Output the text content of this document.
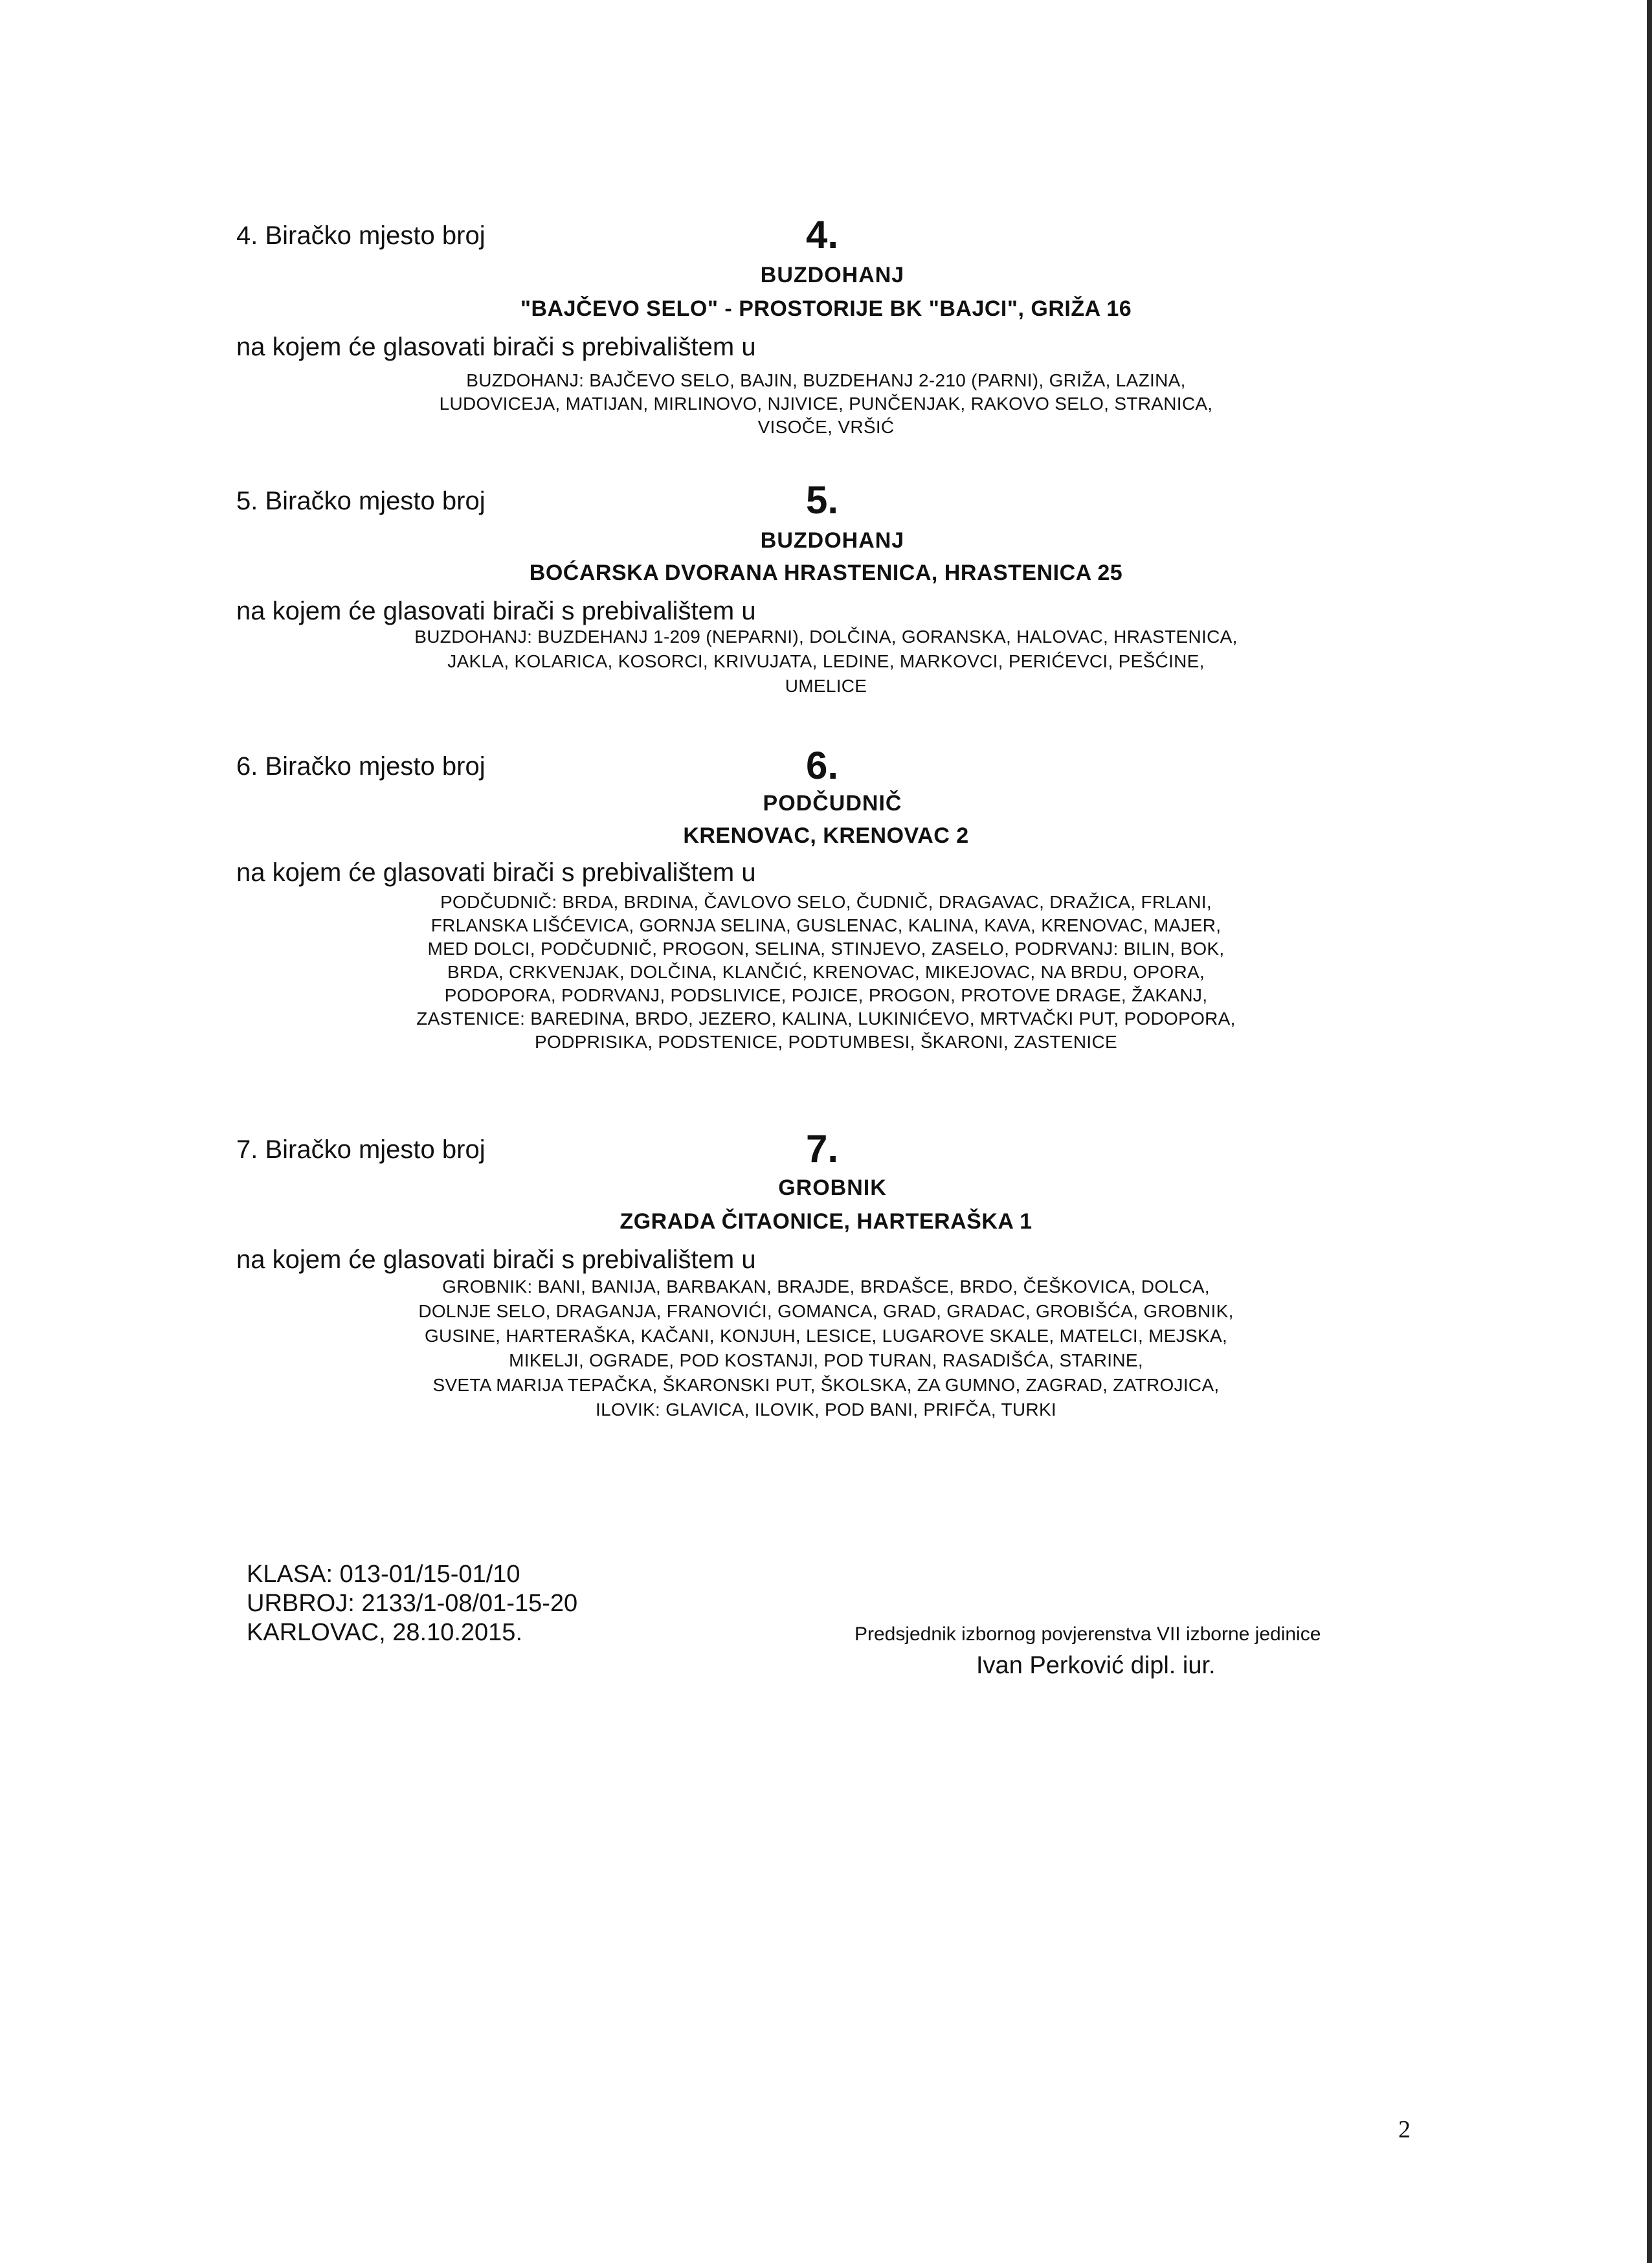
4. Biračko mjesto broj	4.
BUZDOHANJ
"BAJČEVO SELO" - PROSTORIJE BK "BAJCI", GRIŽA 16
na kojem će glasovati birači s prebivalištem u
BUZDOHANJ: BAJČEVO SELO, BAJIN, BUZDEHANJ 2-210 (PARNI), GRIŽA, LAZINA,
LUDOVICEJA, MATIJAN, MIRLINOVO, NJIVICE, PUNČENJAK, RAKOVO SELO, STRANICA,
VISOČE, VRŠIĆ
5. Biračko mjesto broj	5.
BUZDOHANJ
BOĆARSKA DVORANA HRASTENICA, HRASTENICA 25
na kojem će glasovati birači s prebivalištem u
BUZDOHANJ: BUZDEHANJ 1-209 (NEPARNI), DOLČINA, GORANSKA, HALOVAC, HRASTENICA,
JAKLA, KOLARICA, KOSORCI, KRIVUJATA, LEDINE, MARKOVCI, PERIĆEVCI, PEŠĆINE,
UMELICE
6. Biračko mjesto broj	6.
PODČUDNIČ
KRENOVAC, KRENOVAC 2
na kojem će glasovati birači s prebivalištem u
PODČUDNIČ: BRDA, BRDINA, ČAVLOVO SELO, ČUDNIČ, DRAGAVAC, DRAŽICA, FRLANI,
FRLANSKA LIŠĆEVICA, GORNJA SELINA, GUSLENAC, KALINA, KAVA, KRENOVAC, MAJER,
MED DOLCI, PODČUDNIČ, PROGON, SELINA, STINJEVO, ZASELO, PODRVANJ: BILIN, BOK,
BRDA, CRKVENJAK, DOLČINA, KLANČIĆ, KRENOVAC, MIKEJOVAC, NA BRDU, OPORA,
PODOPORA, PODRVANJ, PODSLIVICE, POJICE, PROGON, PROTOVE DRAGE, ŽAKANJ,
ZASTENICE: BAREDINA, BRDO, JEZERO, KALINA, LUKINIĆEVO, MRTVAČKI PUT, PODOPORA,
PODPRISIKA, PODSTENICE, PODTUMBESI, ŠKARONI, ZASTENICE
7. Biračko mjesto broj	7.
GROBNIK
ZGRADA ČITAONICE, HARTERAŠKA 1
na kojem će glasovati birači s prebivalištem u
GROBNIK: BANI, BANIJA, BARBAKAN, BRAJDE, BRDAŠCE, BRDO, ČEŠKOVICA, DOLCA,
DOLNJE SELO, DRAGANJA, FRANOVIĆI, GOMANCA, GRAD, GRADAC, GROBIŠĆA, GROBNIK,
GUSINE, HARTERAŠKA, KAČANI, KONJUH, LESICE, LUGAROVE SKALE, MATELCI, MEJSKA,
MIKELJI, OGRADE, POD KOSTANJI, POD TURAN, RASADIŠĆA, STARINE,
SVETA MARIJA TEPAČKA, ŠKARONSKI PUT, ŠKOLSKA, ZA GUMNO, ZAGRAD, ZATROJICA,
ILOVIK: GLAVICA, ILOVIK, POD BANI, PRIFČA, TURKI
KLASA: 013-01/15-01/10
URBROJ: 2133/1-08/01-15-20
KARLOVAC, 28.10.2015.	Predsjednik izbornog povjerenstva VII izborne jedinice
Ivan Perković dipl. iur.
2
